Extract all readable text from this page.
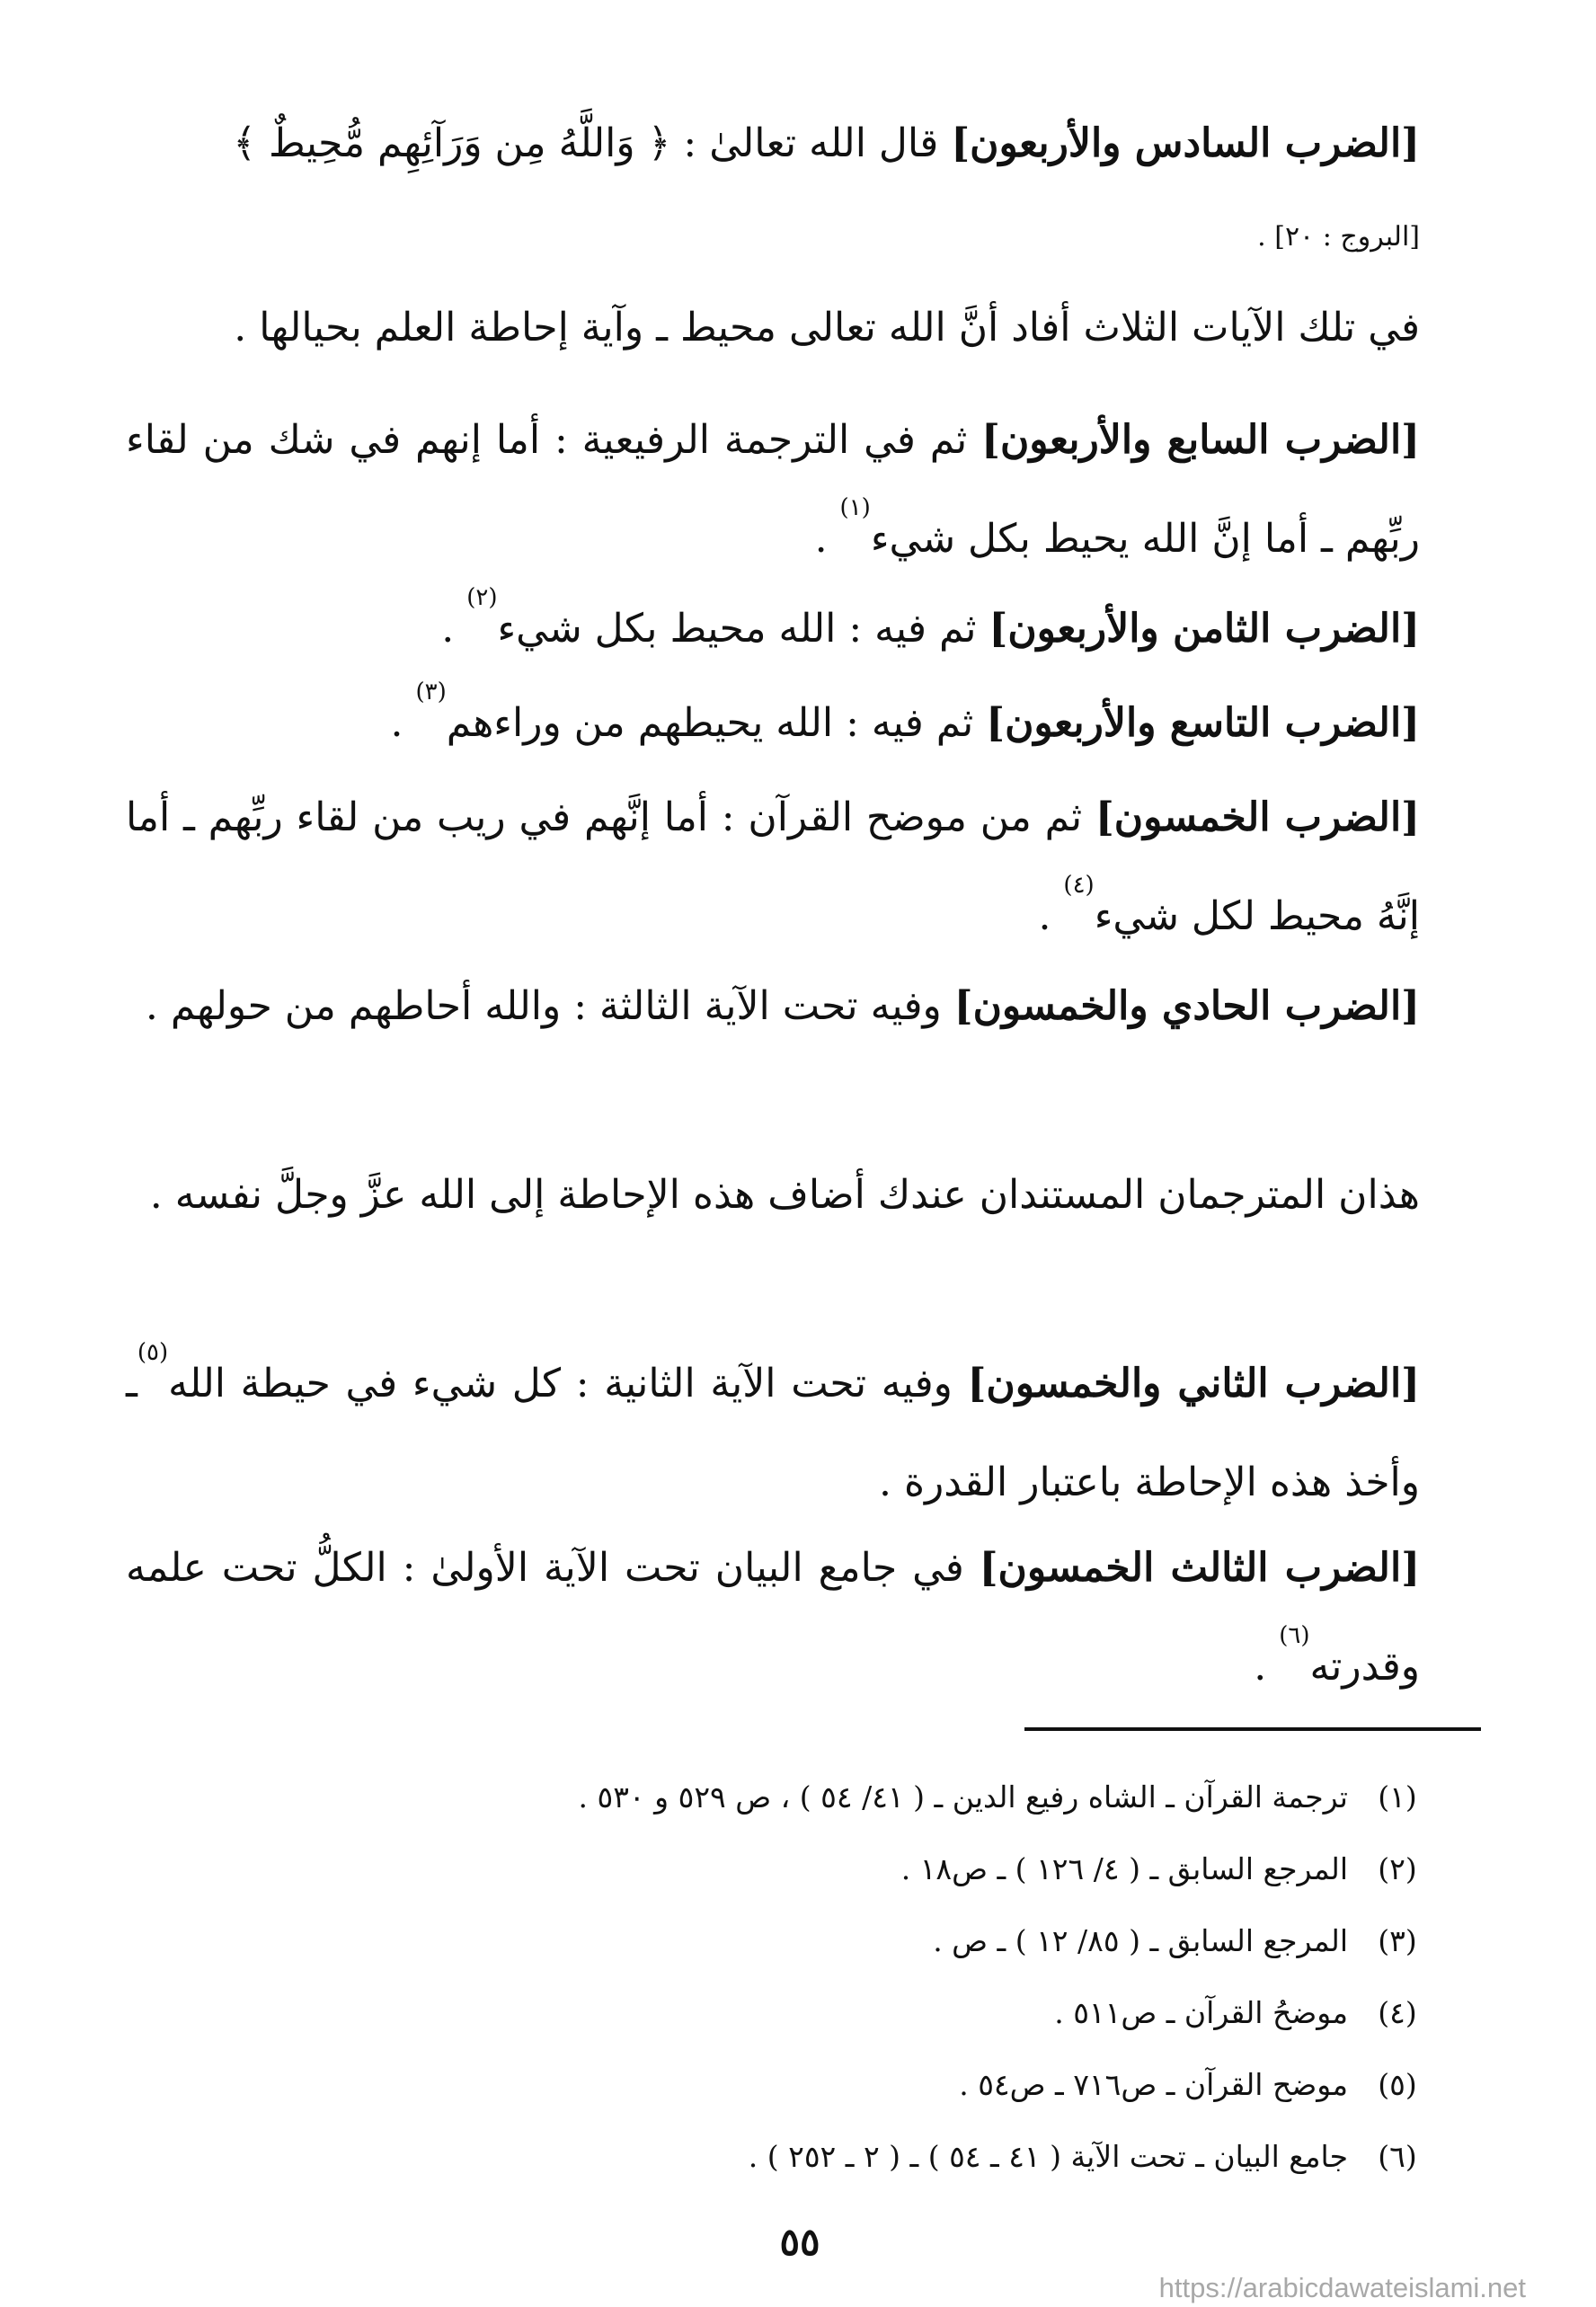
[الضرب السادس والأربعون] قال الله تعالىٰ : ﴿ وَاللَّهُ مِن وَرَآئِهِم مُّحِيطٌ ﴾

[البروج : ٢٠] .

في تلك الآيات الثلاث أفاد أنَّ الله تعالى محيط ـ وآية إحاطة العلم بحيالها .

[الضرب السابع والأربعون] ثم في الترجمة الرفيعية : أما إنهم في شك من لقاء ربِّهم ـ أما إنَّ الله يحيط بكل شيء$^{(١)}$ .

[الضرب الثامن والأربعون] ثم فيه : الله محيط بكل شيء$^{(٢)}$ .

[الضرب التاسع والأربعون] ثم فيه : الله يحيطهم من وراءهم$^{(٣)}$ .

[الضرب الخمسون] ثم من موضح القرآن : أما إنَّهم في ريب من لقاء ربِّهم ـ أما إنَّهُ محيط لكل شيء$^{(٤)}$ .

[الضرب الحادي والخمسون] وفيه تحت الآية الثالثة : والله أحاطهم من حولهم .

هذان المترجمان المستندان عندك أضاف هذه الإحاطة إلى الله عزَّ وجلَّ نفسه .

[الضرب الثاني والخمسون] وفيه تحت الآية الثانية : كل شيء في حيطة الله$^{(٥)}$ـ وأخذ هذه الإحاطة باعتبار القدرة .

[الضرب الثالث الخمسون] في جامع البيان تحت الآية الأولىٰ : الكلُّ تحت علمه وقدرته$^{(٦)}$ .

(١)ترجمة القرآن ـ الشاه رفيع الدين ـ ( ٤١/ ٥٤ ) ، ص ٥٢٩ و ٥٣٠ .
(٢)المرجع السابق ـ ( ٤/ ١٢٦ ) ـ ص١٨ .
(٣)المرجع السابق ـ ( ٨٥/ ١٢ ) ـ ص .
(٤)موضحُ القرآن ـ ص٥١١ .
(٥)موضح القرآن ـ ص٧١٦ ـ ص٥٤ .
(٦)جامع البيان ـ تحت الآية ( ٤١ ـ ٥٤ ) ـ ( ٢ ـ ٢٥٢ ) .
٥٥
https://arabicdawateislami.net
